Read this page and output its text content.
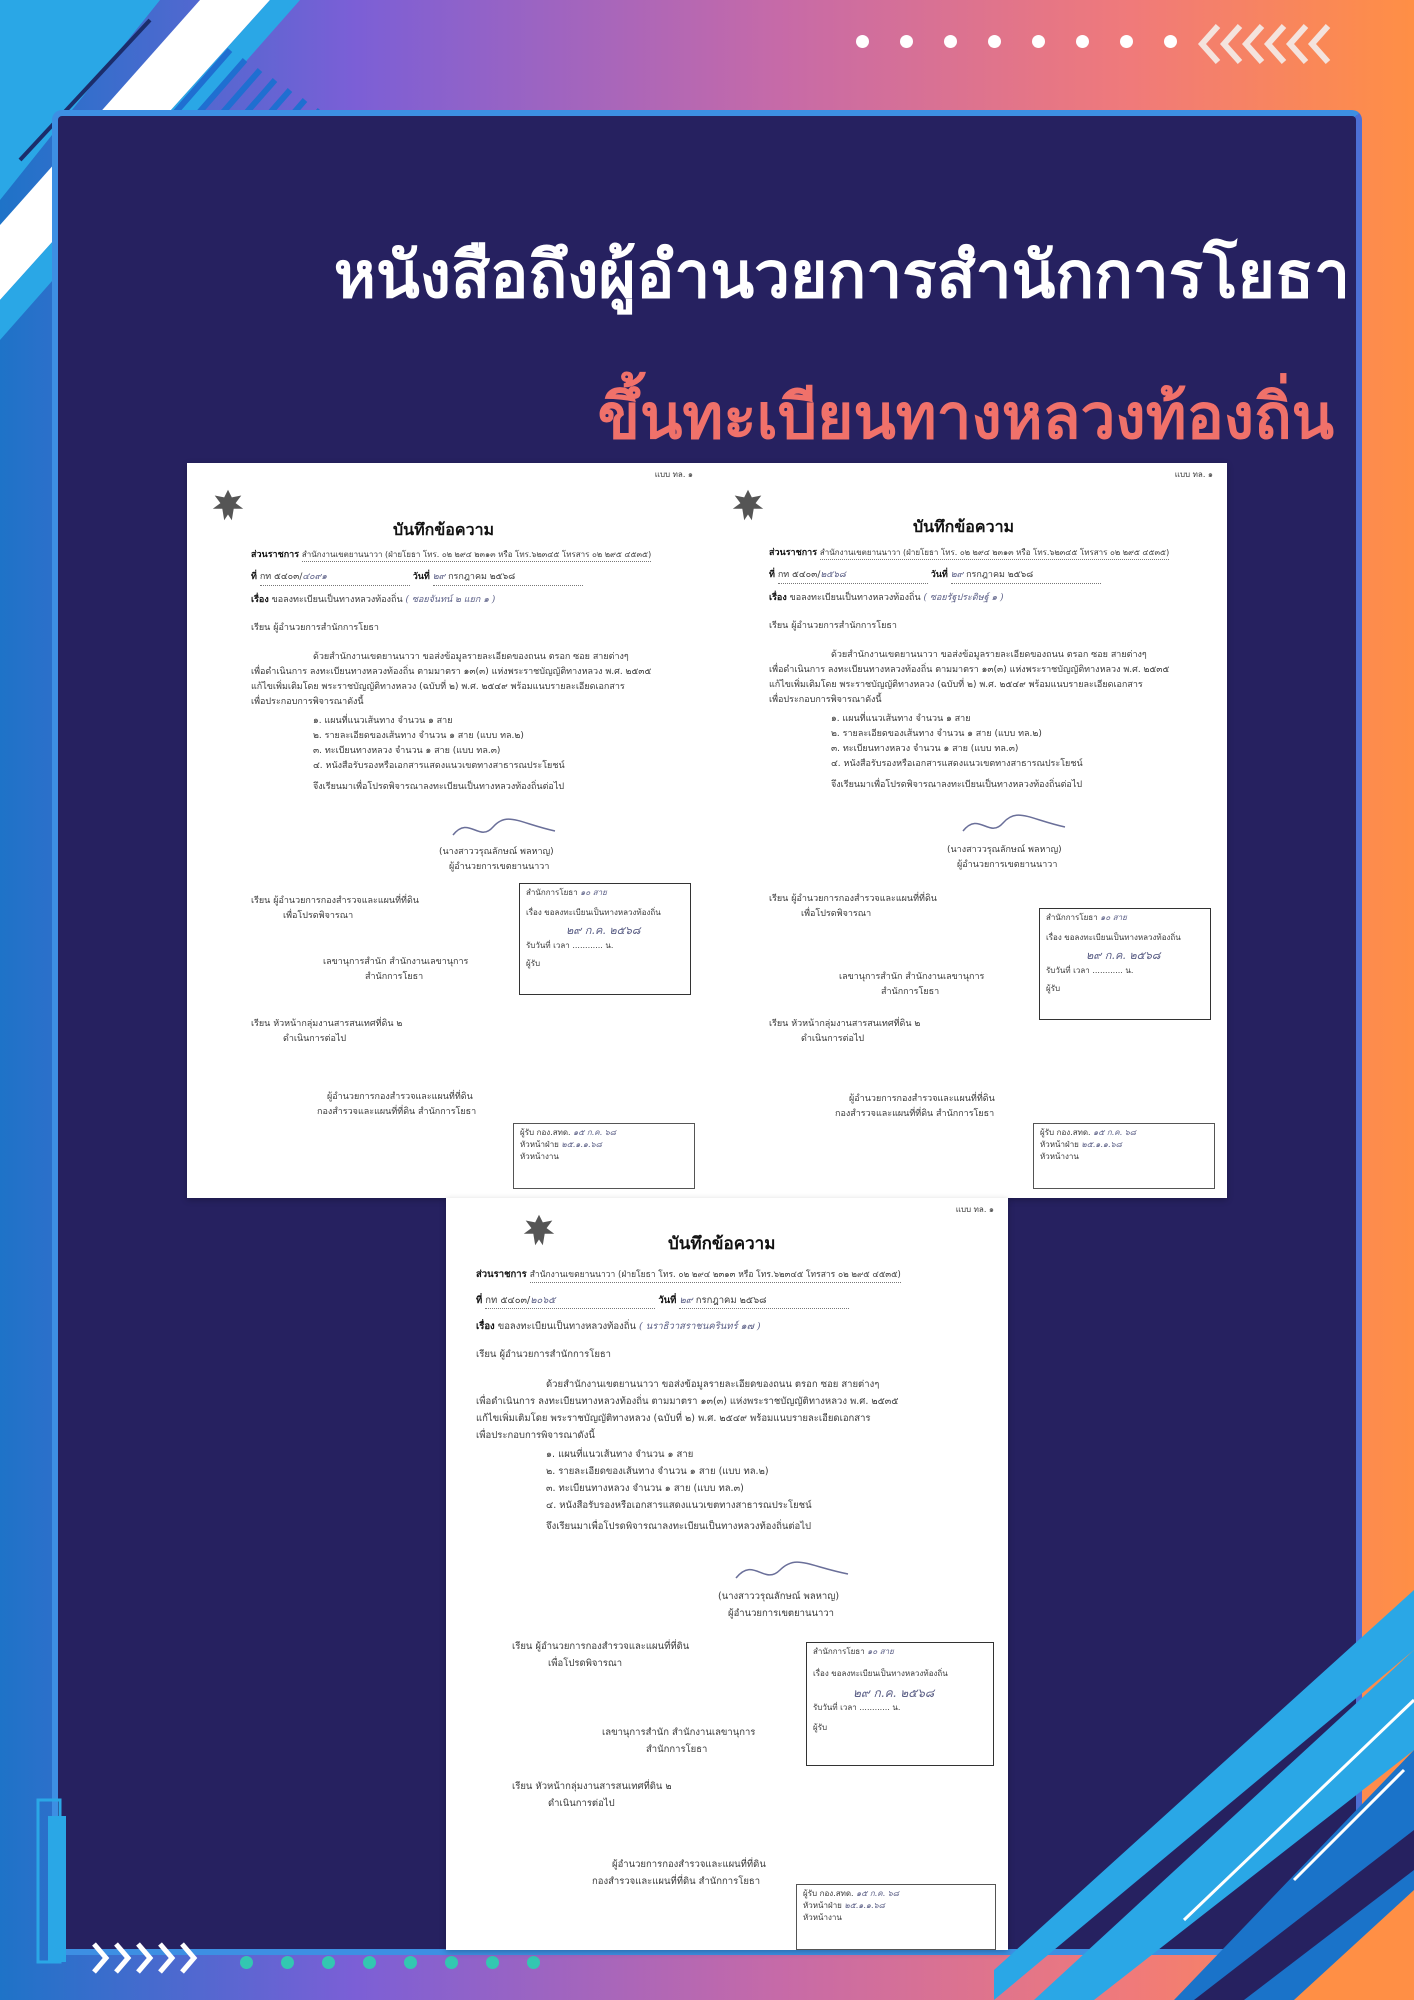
หนังสือถึงผู้อำนวยการสำนักการโยธา
ขึ้นทะเบียนทางหลวงท้องถิ่น
แบบ ทล. ๑
บันทึกข้อความ
ส่วนราชการ สำนักงานเขตยานนาวา (ฝ่ายโยธา โทร. ๐๒ ๒๙๔ ๒๓๑๓ หรือ โทร.๖๒๓๔๕ โทรสาร ๐๒ ๒๙๕ ๔๕๓๕)
ที่ กท ๕๔๐๓/๔๐๙๑	วันที่ ๒๙ กรกฎาคม ๒๕๖๘
เรื่อง ขอลงทะเบียนเป็นทางหลวงท้องถิ่น ( ซอยจันทน์ ๒ แยก ๑ )
เรียน ผู้อำนวยการสำนักการโยธา
ด้วยสำนักงานเขตยานนาวา ขอส่งข้อมูลรายละเอียดของถนน ตรอก ซอย สายต่างๆ
เพื่อดำเนินการ ลงทะเบียนทางหลวงท้องถิ่น ตามมาตรา ๑๓(๓) แห่งพระราชบัญญัติทางหลวง พ.ศ. ๒๕๓๕
แก้ไขเพิ่มเติมโดย พระราชบัญญัติทางหลวง (ฉบับที่ ๒) พ.ศ. ๒๕๔๙ พร้อมแนบรายละเอียดเอกสาร
เพื่อประกอบการพิจารณาดังนี้
๑. แผนที่แนวเส้นทาง จำนวน ๑ สาย
๒. รายละเอียดของเส้นทาง จำนวน ๑ สาย (แบบ ทล.๒)
๓. ทะเบียนทางหลวง จำนวน ๑ สาย (แบบ ทล.๓)
๔. หนังสือรับรองหรือเอกสารแสดงแนวเขตทางสาธารณประโยชน์
จึงเรียนมาเพื่อโปรดพิจารณาลงทะเบียนเป็นทางหลวงท้องถิ่นต่อไป
(นางสาววรุณลักษณ์ พลหาญ)
ผู้อำนวยการเขตยานนาวา
เรียน ผู้อำนวยการกองสำรวจและแผนที่ที่ดิน
เพื่อโปรดพิจารณา
เลขานุการสำนัก สำนักงานเลขานุการ
สำนักการโยธา
เรียน หัวหน้ากลุ่มงานสารสนเทศที่ดิน ๒
ดำเนินการต่อไป
ผู้อำนวยการกองสำรวจและแผนที่ที่ดิน
กองสำรวจและแผนที่ที่ดิน สำนักการโยธา
สำนักการโยธา ๑๐ สาย
เรื่อง ขอลงทะเบียนเป็นทางหลวงท้องถิ่น
๒๙ ก.ค. ๒๕๖๘
รับวันที่ เวลา ............ น.
ผู้รับ
ผู้รับ กอง.สทด. ๑๕ ก.ค. ๖๘
หัวหน้าฝ่าย ๒๕.๑.๑.๖๘
หัวหน้างาน
แบบ ทล. ๑
บันทึกข้อความ
ส่วนราชการ สำนักงานเขตยานนาวา (ฝ่ายโยธา โทร. ๐๒ ๒๙๔ ๒๓๑๓ หรือ โทร.๖๒๓๔๕ โทรสาร ๐๒ ๒๙๕ ๔๕๓๕)
ที่ กท ๕๔๐๓/๒๕๖๘	วันที่ ๒๙ กรกฎาคม ๒๕๖๘
เรื่อง ขอลงทะเบียนเป็นทางหลวงท้องถิ่น ( ซอยรัฐประดิษฐ์ ๑ )
เรียน ผู้อำนวยการสำนักการโยธา
ด้วยสำนักงานเขตยานนาวา ขอส่งข้อมูลรายละเอียดของถนน ตรอก ซอย สายต่างๆ
เพื่อดำเนินการ ลงทะเบียนทางหลวงท้องถิ่น ตามมาตรา ๑๓(๓) แห่งพระราชบัญญัติทางหลวง พ.ศ. ๒๕๓๕
แก้ไขเพิ่มเติมโดย พระราชบัญญัติทางหลวง (ฉบับที่ ๒) พ.ศ. ๒๕๔๙ พร้อมแนบรายละเอียดเอกสาร
เพื่อประกอบการพิจารณาดังนี้
๑. แผนที่แนวเส้นทาง จำนวน ๑ สาย
๒. รายละเอียดของเส้นทาง จำนวน ๑ สาย (แบบ ทล.๒)
๓. ทะเบียนทางหลวง จำนวน ๑ สาย (แบบ ทล.๓)
๔. หนังสือรับรองหรือเอกสารแสดงแนวเขตทางสาธารณประโยชน์
จึงเรียนมาเพื่อโปรดพิจารณาลงทะเบียนเป็นทางหลวงท้องถิ่นต่อไป
(นางสาววรุณลักษณ์ พลหาญ)
ผู้อำนวยการเขตยานนาวา
เรียน ผู้อำนวยการกองสำรวจและแผนที่ที่ดิน
เพื่อโปรดพิจารณา
เลขานุการสำนัก สำนักงานเลขานุการ
สำนักการโยธา
เรียน หัวหน้ากลุ่มงานสารสนเทศที่ดิน ๒
ดำเนินการต่อไป
ผู้อำนวยการกองสำรวจและแผนที่ที่ดิน
กองสำรวจและแผนที่ที่ดิน สำนักการโยธา
สำนักการโยธา ๑๐ สาย
เรื่อง ขอลงทะเบียนเป็นทางหลวงท้องถิ่น
๒๙ ก.ค. ๒๕๖๘
รับวันที่ เวลา ............ น.
ผู้รับ
ผู้รับ กอง.สทด. ๑๕ ก.ค. ๖๘
หัวหน้าฝ่าย ๒๕.๑.๑.๖๘
หัวหน้างาน
แบบ ทล. ๑
บันทึกข้อความ
ส่วนราชการ สำนักงานเขตยานนาวา (ฝ่ายโยธา โทร. ๐๒ ๒๙๔ ๒๓๑๓ หรือ โทร.๖๒๓๔๕ โทรสาร ๐๒ ๒๙๕ ๔๕๓๕)
ที่ กท ๕๔๐๓/๒๐๖๕	วันที่ ๒๙ กรกฎาคม ๒๕๖๘
เรื่อง ขอลงทะเบียนเป็นทางหลวงท้องถิ่น ( นราธิวาสราชนครินทร์ ๑๗ )
เรียน ผู้อำนวยการสำนักการโยธา
ด้วยสำนักงานเขตยานนาวา ขอส่งข้อมูลรายละเอียดของถนน ตรอก ซอย สายต่างๆ
เพื่อดำเนินการ ลงทะเบียนทางหลวงท้องถิ่น ตามมาตรา ๑๓(๓) แห่งพระราชบัญญัติทางหลวง พ.ศ. ๒๕๓๕
แก้ไขเพิ่มเติมโดย พระราชบัญญัติทางหลวง (ฉบับที่ ๒) พ.ศ. ๒๕๔๙ พร้อมแนบรายละเอียดเอกสาร
เพื่อประกอบการพิจารณาดังนี้
๑. แผนที่แนวเส้นทาง จำนวน ๑ สาย
๒. รายละเอียดของเส้นทาง จำนวน ๑ สาย (แบบ ทล.๒)
๓. ทะเบียนทางหลวง จำนวน ๑ สาย (แบบ ทล.๓)
๔. หนังสือรับรองหรือเอกสารแสดงแนวเขตทางสาธารณประโยชน์
จึงเรียนมาเพื่อโปรดพิจารณาลงทะเบียนเป็นทางหลวงท้องถิ่นต่อไป
(นางสาววรุณลักษณ์ พลหาญ)
ผู้อำนวยการเขตยานนาวา
เรียน ผู้อำนวยการกองสำรวจและแผนที่ที่ดิน
เพื่อโปรดพิจารณา
เลขานุการสำนัก สำนักงานเลขานุการ
สำนักการโยธา
เรียน หัวหน้ากลุ่มงานสารสนเทศที่ดิน ๒
ดำเนินการต่อไป
ผู้อำนวยการกองสำรวจและแผนที่ที่ดิน
กองสำรวจและแผนที่ที่ดิน สำนักการโยธา
สำนักการโยธา ๑๐ สาย
เรื่อง ขอลงทะเบียนเป็นทางหลวงท้องถิ่น
๒๙ ก.ค. ๒๕๖๘
รับวันที่ เวลา ............ น.
ผู้รับ
ผู้รับ กอง.สทด. ๑๕ ก.ค. ๖๘
หัวหน้าฝ่าย ๒๕.๑.๑.๖๘
หัวหน้างาน
